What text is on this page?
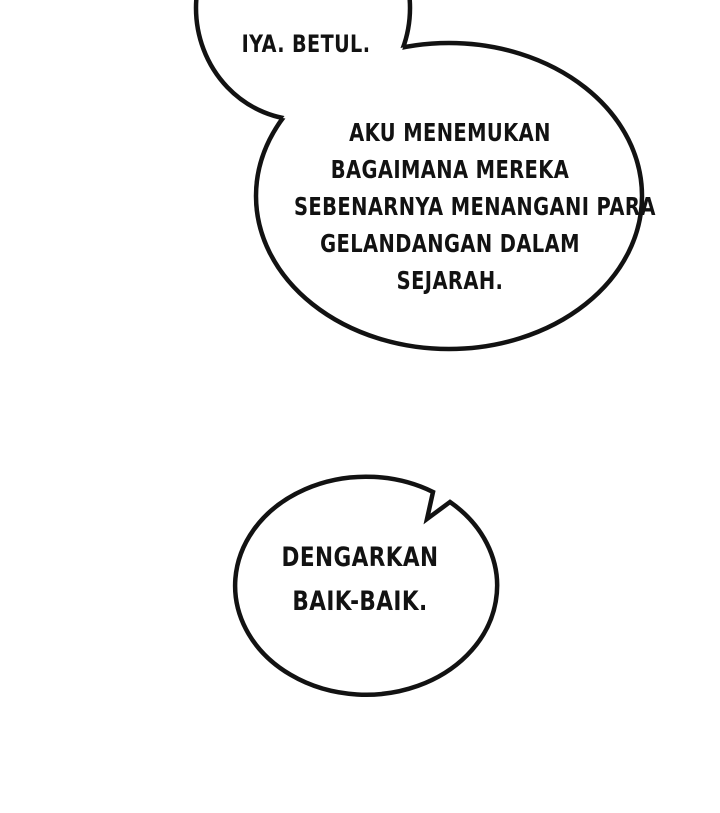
IYA. BETUL.
AKU MENEMUKAN
BAGAIMANA MEREKA
SEBENARNYA MENANGANI PARA
GELANDANGAN DALAM
SEJARAH.
DENGARKAN
BAIK-BAIK.
